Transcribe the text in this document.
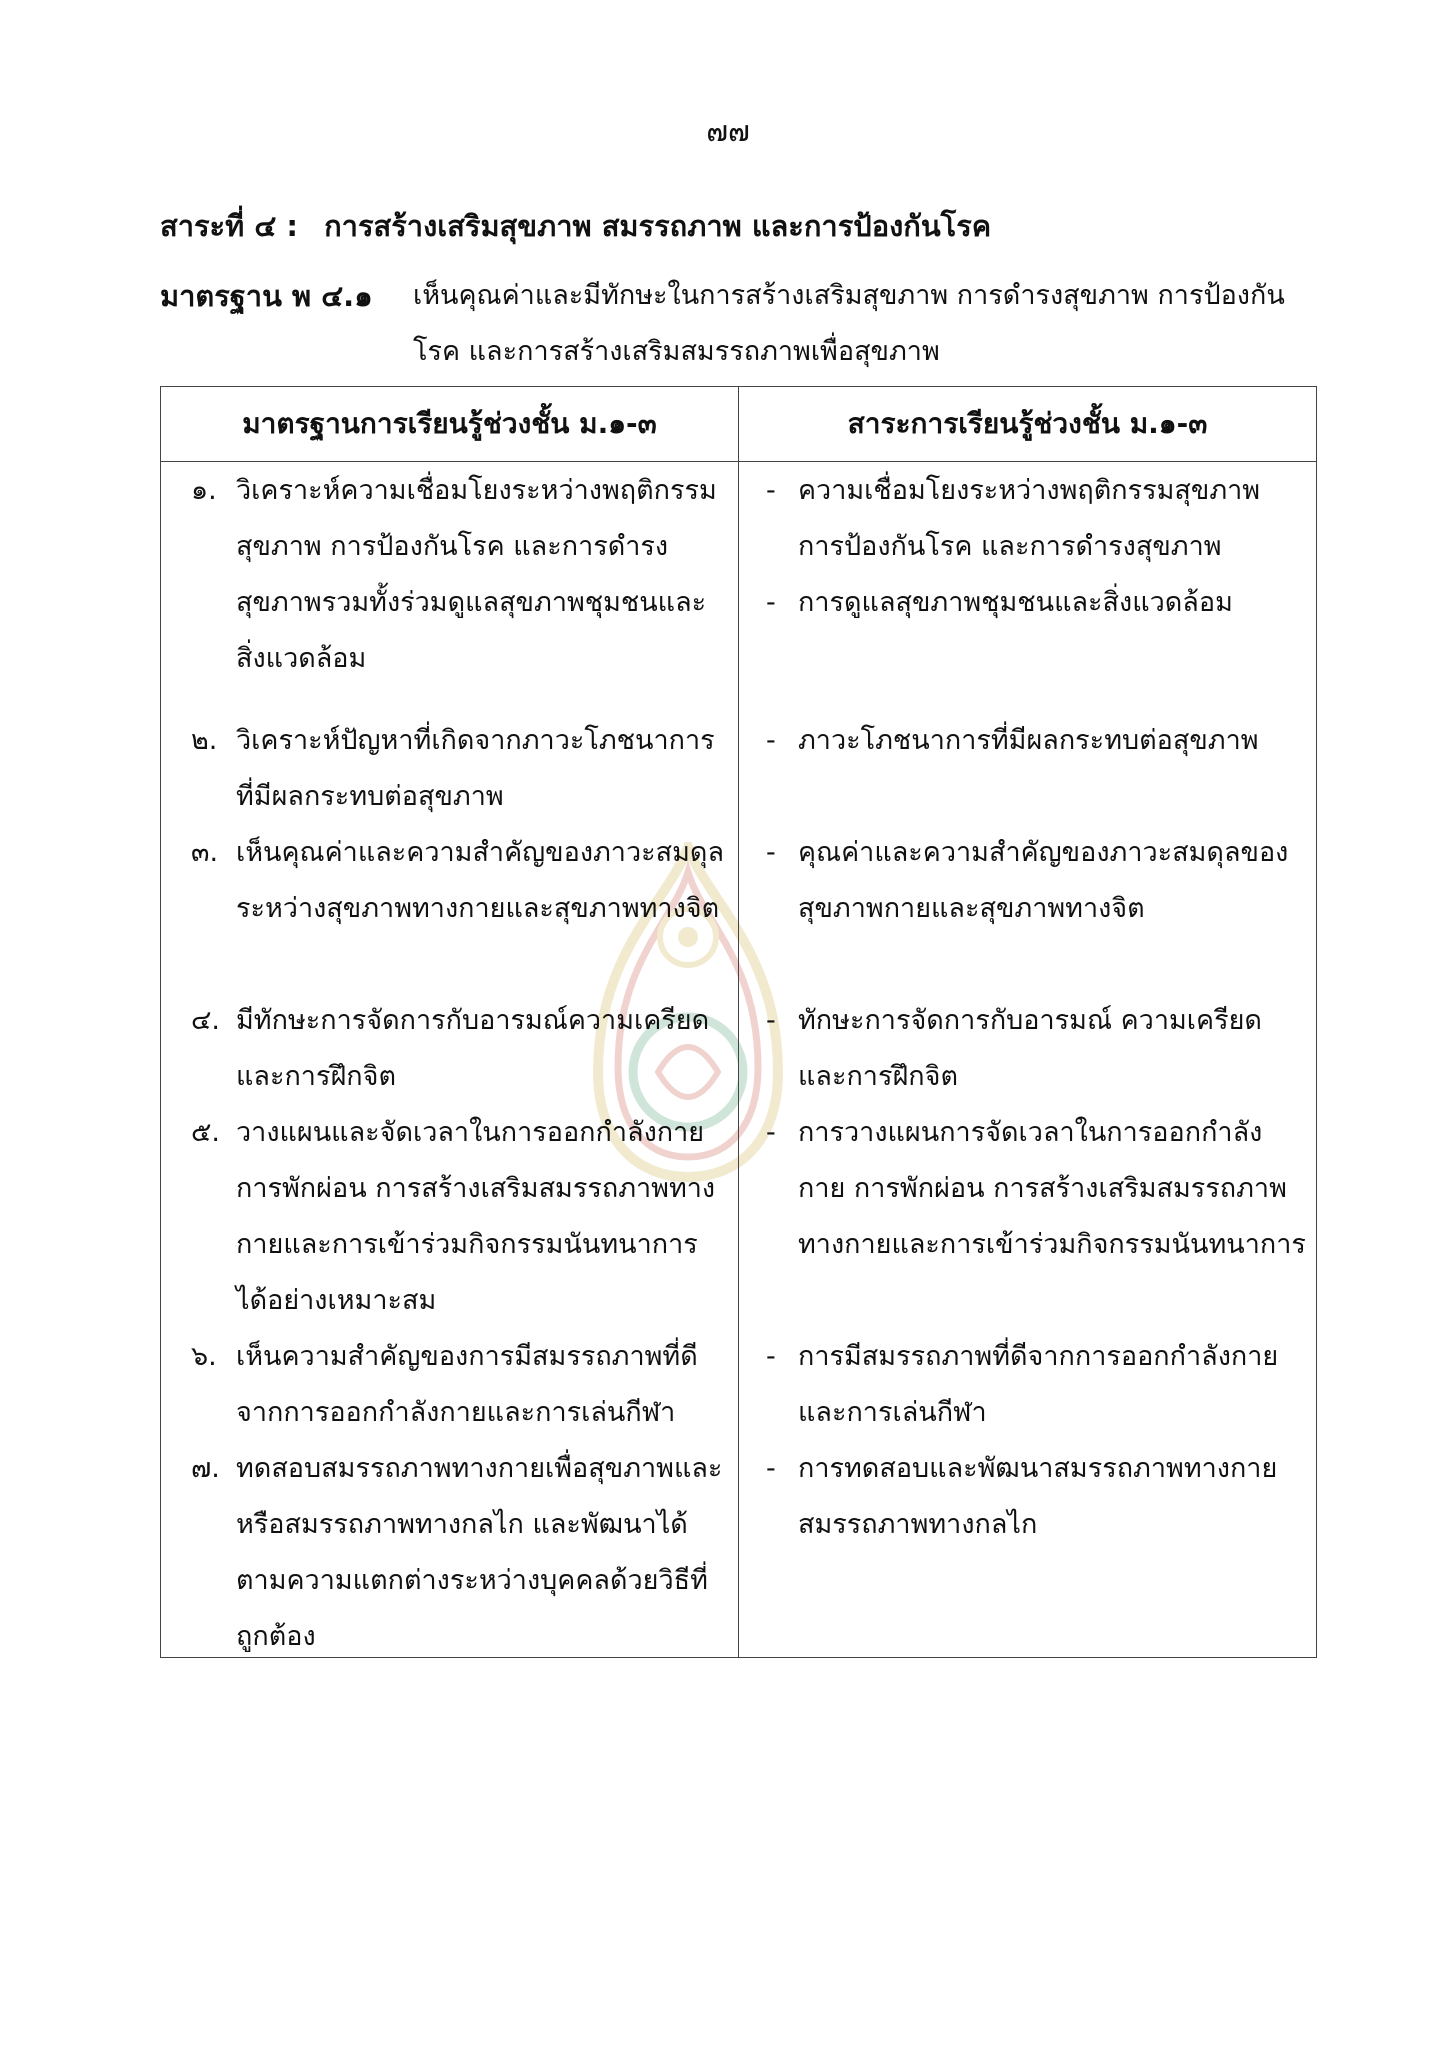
๗๗
สาระที่ ๔ : การสร้างเสริมสุขภาพ สมรรถภาพ และการป้องกันโรค
มาตรฐาน พ ๔.๑ เห็นคุณค่าและมีทักษะในการสร้างเสริมสุขภาพ การดำรงสุขภาพ การป้องกันโรค และการสร้างเสริมสมรรถภาพเพื่อสุขภาพ
มาตรฐานการเรียนรู้ช่วงชั้น ม.๑-๓	สาระการเรียนรู้ช่วงชั้น ม.๑-๓
๑. วิเคราะห์ความเชื่อมโยงระหว่างพฤติกรรมสุขภาพ การป้องกันโรค และการดำรงสุขภาพรวมทั้งร่วมดูแลสุขภาพชุมชนและสิ่งแวดล้อม
- ความเชื่อมโยงระหว่างพฤติกรรมสุขภาพ การป้องกันโรค และการดำรงสุขภาพ
- การดูแลสุขภาพชุมชนและสิ่งแวดล้อม
๒. วิเคราะห์ปัญหาที่เกิดจากภาวะโภชนาการที่มีผลกระทบต่อสุขภาพ
- ภาวะโภชนาการที่มีผลกระทบต่อสุขภาพ
๓. เห็นคุณค่าและความสำคัญของภาวะสมดุลระหว่างสุขภาพทางกายและสุขภาพทางจิต
- คุณค่าและความสำคัญของภาวะสมดุลของสุขภาพกายและสุขภาพทางจิต
๔. มีทักษะการจัดการกับอารมณ์ความเครียดและการฝึกจิต
- ทักษะการจัดการกับอารมณ์ ความเครียดและการฝึกจิต
๕. วางแผนและจัดเวลาในการออกกำลังกาย การพักผ่อน การสร้างเสริมสมรรถภาพทางกายและการเข้าร่วมกิจกรรมนันทนาการได้อย่างเหมาะสม
- การวางแผนการจัดเวลาในการออกกำลังกาย การพักผ่อน การสร้างเสริมสมรรถภาพทางกายและการเข้าร่วมกิจกรรมนันทนาการ
๖. เห็นความสำคัญของการมีสมรรถภาพที่ดีจากการออกกำลังกายและการเล่นกีฬา
- การมีสมรรถภาพที่ดีจากการออกกำลังกายและการเล่นกีฬา
๗. ทดสอบสมรรถภาพทางกายเพื่อสุขภาพและหรือสมรรถภาพทางกลไก และพัฒนาได้ตามความแตกต่างระหว่างบุคคลด้วยวิธีที่ถูกต้อง
- การทดสอบและพัฒนาสมรรถภาพทางกายสมรรถภาพทางกลไก
